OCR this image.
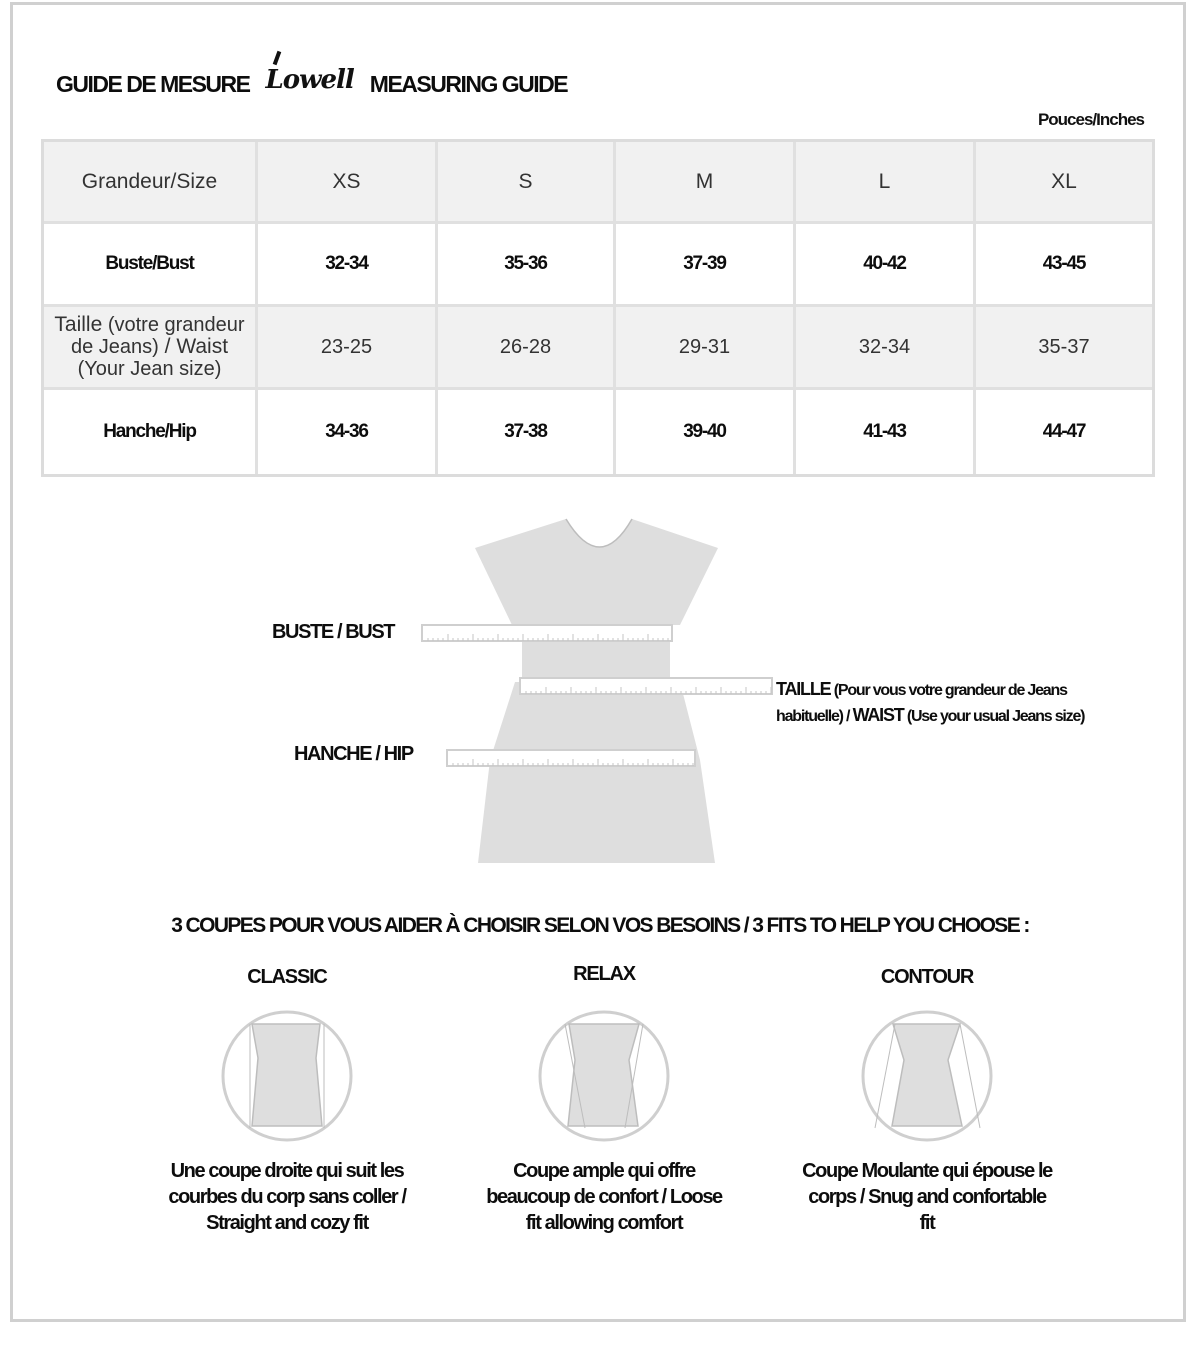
GUIDE DE MESURE Lowell MEASURING GUIDE
Pouces/Inches
Grandeur/Size	XS	S	M	L	XL
Buste/Bust	32-34	35-36	37-39	40-42	43-45
Taille (votre grandeur de Jeans) / Waist (Your Jean size)	23-25	26-28	29-31	32-34	35-37
Hanche/Hip	34-36	37-38	39-40	41-43	44-47
BUSTE / BUST
HANCHE / HIP
TAILLE (Pour vous votre grandeur de Jeans habituelle) / WAIST (Use your usual Jeans size)
3 COUPES POUR VOUS AIDER À CHOISIR SELON VOS BESOINS / 3 FITS TO HELP YOU CHOOSE :
CLASSIC	RELAX	CONTOUR
Une coupe droite qui suit les courbes du corp sans coller / Straight and cozy fit
Coupe ample qui offre beaucoup de confort / Loose fit allowing comfort
Coupe Moulante qui épouse le corps / Snug and confortable fit
